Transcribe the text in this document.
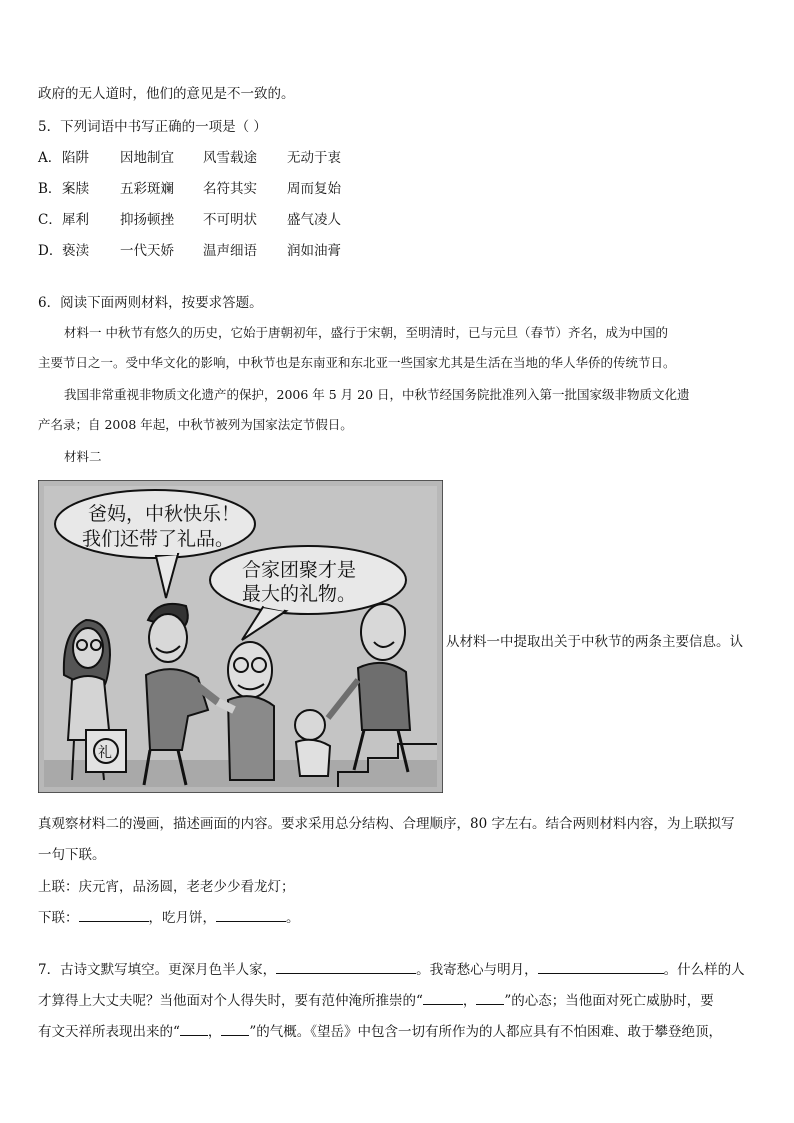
政府的无人道时，他们的意见是不一致的。
5．下列词语中书写正确的一项是（ ）
A． 陷阱 因地制宜 风雪载途 无动于衷
B． 案牍 五彩斑斓 名符其实 周而复始
C． 犀利 抑扬顿挫 不可明状 盛气凌人
D． 亵渎 一代天娇 温声细语 润如油膏
6．阅读下面两则材料，按要求答题。
材料一 中秋节有悠久的历史，它始于唐朝初年，盛行于宋朝，至明清时，已与元旦（春节）齐名，成为中国的
主要节日之一。受中华文化的影响，中秋节也是东南亚和东北亚一些国家尤其是生活在当地的华人华侨的传统节日。
我国非常重视非物质文化遗产的保护，2006 年 5 月 20 日，中秋节经国务院批准列入第一批国家级非物质文化遗
产名录；自 2008 年起，中秋节被列为国家法定节假日。
材料二
爸妈，中秋快乐！
我们还带了礼品。
合家团聚才是
最大的礼物。
礼
从材料一中提取出关于中秋节的两条主要信息。认
真观察材料二的漫画，描述画面的内容。要求采用总分结构、合理顺序，80 字左右。结合两则材料内容，为上联拟写
一句下联。
上联：庆元宵，品汤圆，老老少少看龙灯；
下联：	，吃月饼，	。
7．古诗文默写填空。更深月色半人家，	。我寄愁心与明月，	。什么样的人
才算得上大丈夫呢？当他面对个人得失时，要有范仲淹所推崇的“	， ”的心态；当他面对死亡威胁时，要
有文天祥所表现出来的“ ， ”的气概。《望岳》中包含一切有所作为的人都应具有不怕困难、敢于攀登绝顶，
